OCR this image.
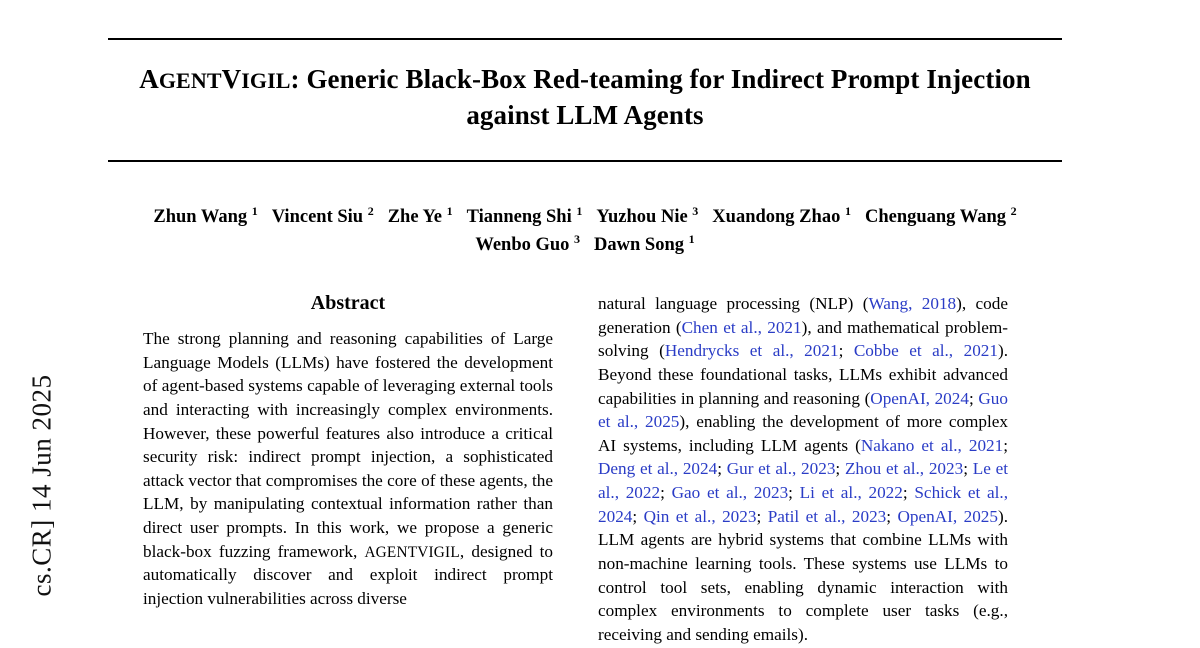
cs.CR] 14 Jun 2025
AGENTVIGIL: Generic Black-Box Red-teaming for Indirect Prompt Injection
against LLM Agents
Zhun Wang $^1$ Vincent Siu $^2$ Zhe Ye $^1$ Tianneng Shi $^1$ Yuzhou Nie $^3$ Xuandong Zhao $^1$ Chenguang Wang $^2$
Wenbo Guo $^3$ Dawn Song $^1$
Abstract

The strong planning and reasoning capabilities of Large Language Models (LLMs) have fostered the development of agent-based systems capable of leveraging external tools and interacting with increasingly complex environments. However, these powerful features also introduce a critical security risk: indirect prompt injection, a sophisticated attack vector that compromises the core of these agents, the LLM, by manipulating contextual information rather than direct user prompts. In this work, we propose a generic black-box fuzzing framework, AGENTVIGIL, designed to automatically discover and exploit indirect prompt injection vulnerabilities across diverse

natural language processing (NLP) (Wang, 2018), code generation (Chen et al., 2021), and mathematical problem-solving (Hendrycks et al., 2021; Cobbe et al., 2021). Beyond these foundational tasks, LLMs exhibit advanced capabilities in planning and reasoning (OpenAI, 2024; Guo et al., 2025), enabling the development of more complex AI systems, including LLM agents (Nakano et al., 2021; Deng et al., 2024; Gur et al., 2023; Zhou et al., 2023; Le et al., 2022; Gao et al., 2023; Li et al., 2022; Schick et al., 2024; Qin et al., 2023; Patil et al., 2023; OpenAI, 2025). LLM agents are hybrid systems that combine LLMs with non-machine learning tools. These systems use LLMs to control tool sets, enabling dynamic interaction with complex environments to complete user tasks (e.g., receiving and sending emails).
